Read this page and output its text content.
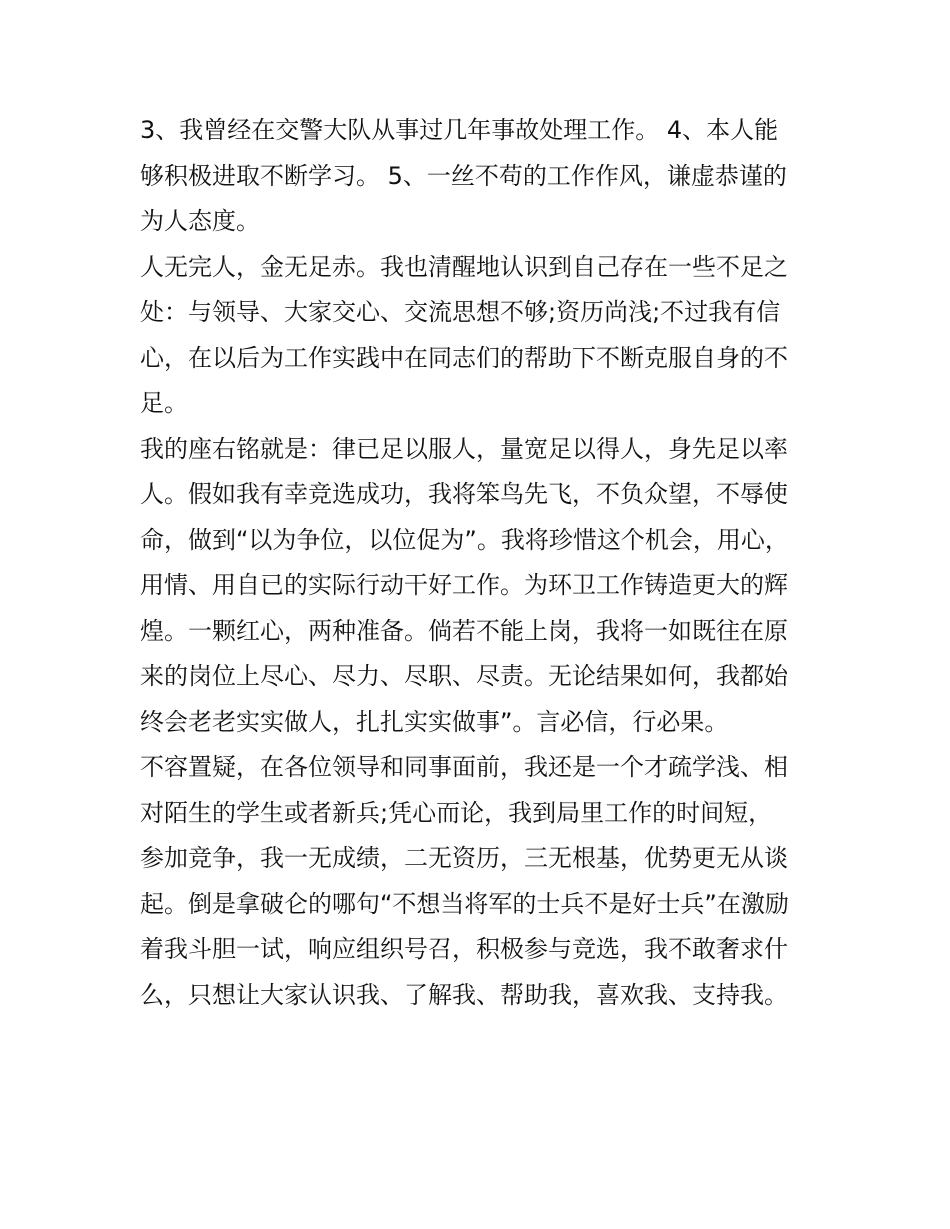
3、我曾经在交警大队从事过几年事故处理工作。 4、本人能
够积极进取不断学习。 5、一丝不苟的工作作风，谦虚恭谨的
为人态度。
人无完人，金无足赤。我也清醒地认识到自己存在一些不足之
处：与领导、大家交心、交流思想不够;资历尚浅;不过我有信
心，在以后为工作实践中在同志们的帮助下不断克服自身的不
足。
我的座右铭就是：律已足以服人，量宽足以得人，身先足以率
人。假如我有幸竞选成功，我将笨鸟先飞，不负众望，不辱使
命，做到“以为争位，以位促为”。我将珍惜这个机会，用心，
用情、用自已的实际行动干好工作。为环卫工作铸造更大的辉
煌。一颗红心，两种准备。倘若不能上岗，我将一如既往在原
来的岗位上尽心、尽力、尽职、尽责。无论结果如何，我都始
终会老老实实做人，扎扎实实做事”。言必信，行必果。
不容置疑，在各位领导和同事面前，我还是一个才疏学浅、相
对陌生的学生或者新兵;凭心而论，我到局里工作的时间短，
参加竞争，我一无成绩，二无资历，三无根基，优势更无从谈
起。倒是拿破仑的哪句“不想当将军的士兵不是好士兵”在激励
着我斗胆一试，响应组织号召，积极参与竞选，我不敢奢求什
么，只想让大家认识我、了解我、帮助我，喜欢我、支持我。
